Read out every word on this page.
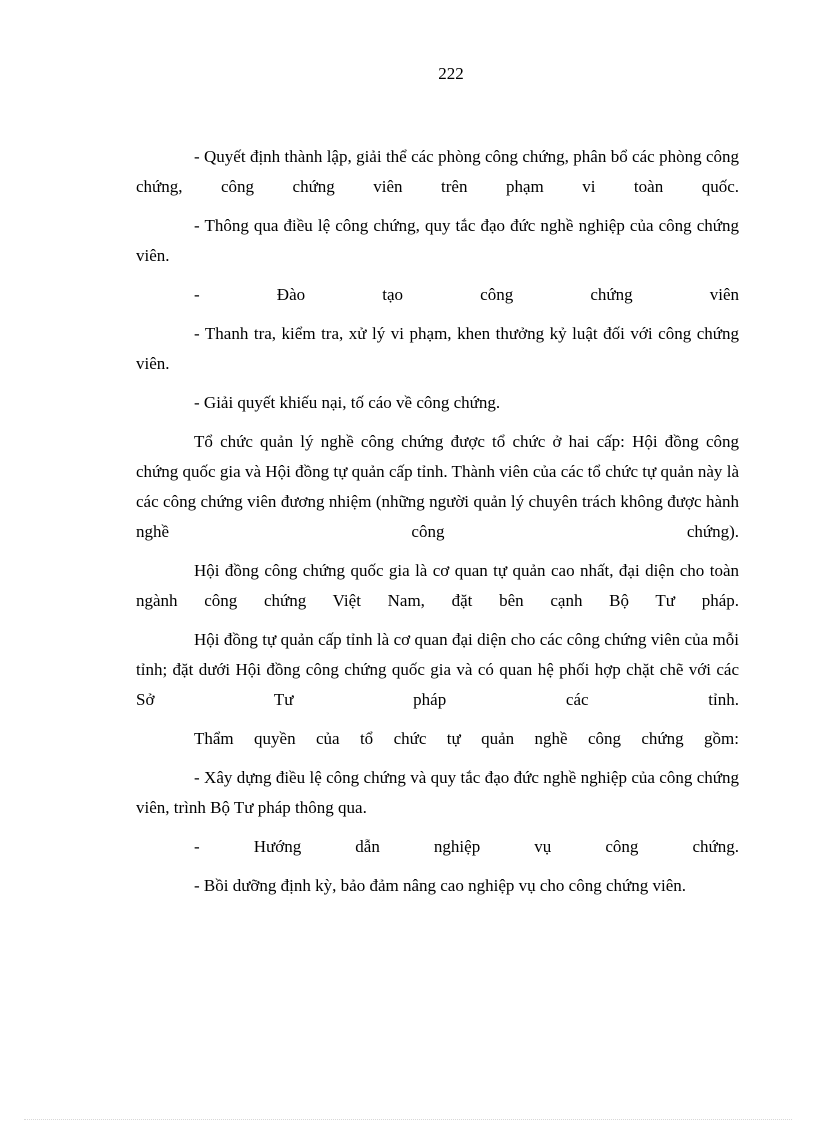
222

- Quyết định thành lập, giải thể các phòng công chứng, phân bổ các phòng công chứng, công chứng viên trên phạm vi toàn quốc.

- Thông qua điều lệ công chứng, quy tắc đạo đức nghề nghiệp của công chứng viên.

- Đào tạo công chứng viên

- Thanh tra, kiểm tra, xử lý vi phạm, khen thưởng kỷ luật đối với công chứng viên.

- Giải quyết khiếu nại, tố cáo về công chứng.

Tổ chức quản lý nghề công chứng được tổ chức ở hai cấp: Hội đồng công chứng quốc gia và Hội đồng tự quản cấp tỉnh. Thành viên của các tổ chức tự quản này là các công chứng viên đương nhiệm (những người quản lý chuyên trách không được hành nghề công chứng).

Hội đồng công chứng quốc gia là cơ quan tự quản cao nhất, đại diện cho toàn ngành công chứng Việt Nam, đặt bên cạnh Bộ Tư pháp.

Hội đồng tự quản cấp tỉnh là cơ quan đại diện cho các công chứng viên của mỗi tỉnh; đặt dưới Hội đồng công chứng quốc gia và có quan hệ phối hợp chặt chẽ với các Sở Tư pháp các tỉnh.

Thẩm quyền của tổ chức tự quản nghề công chứng gồm:

- Xây dựng điều lệ công chứng và quy tắc đạo đức nghề nghiệp của công chứng viên, trình Bộ Tư pháp thông qua.

- Hướng dẫn nghiệp vụ công chứng.

- Bồi dưỡng định kỳ, bảo đảm nâng cao nghiệp vụ cho công chứng viên.
